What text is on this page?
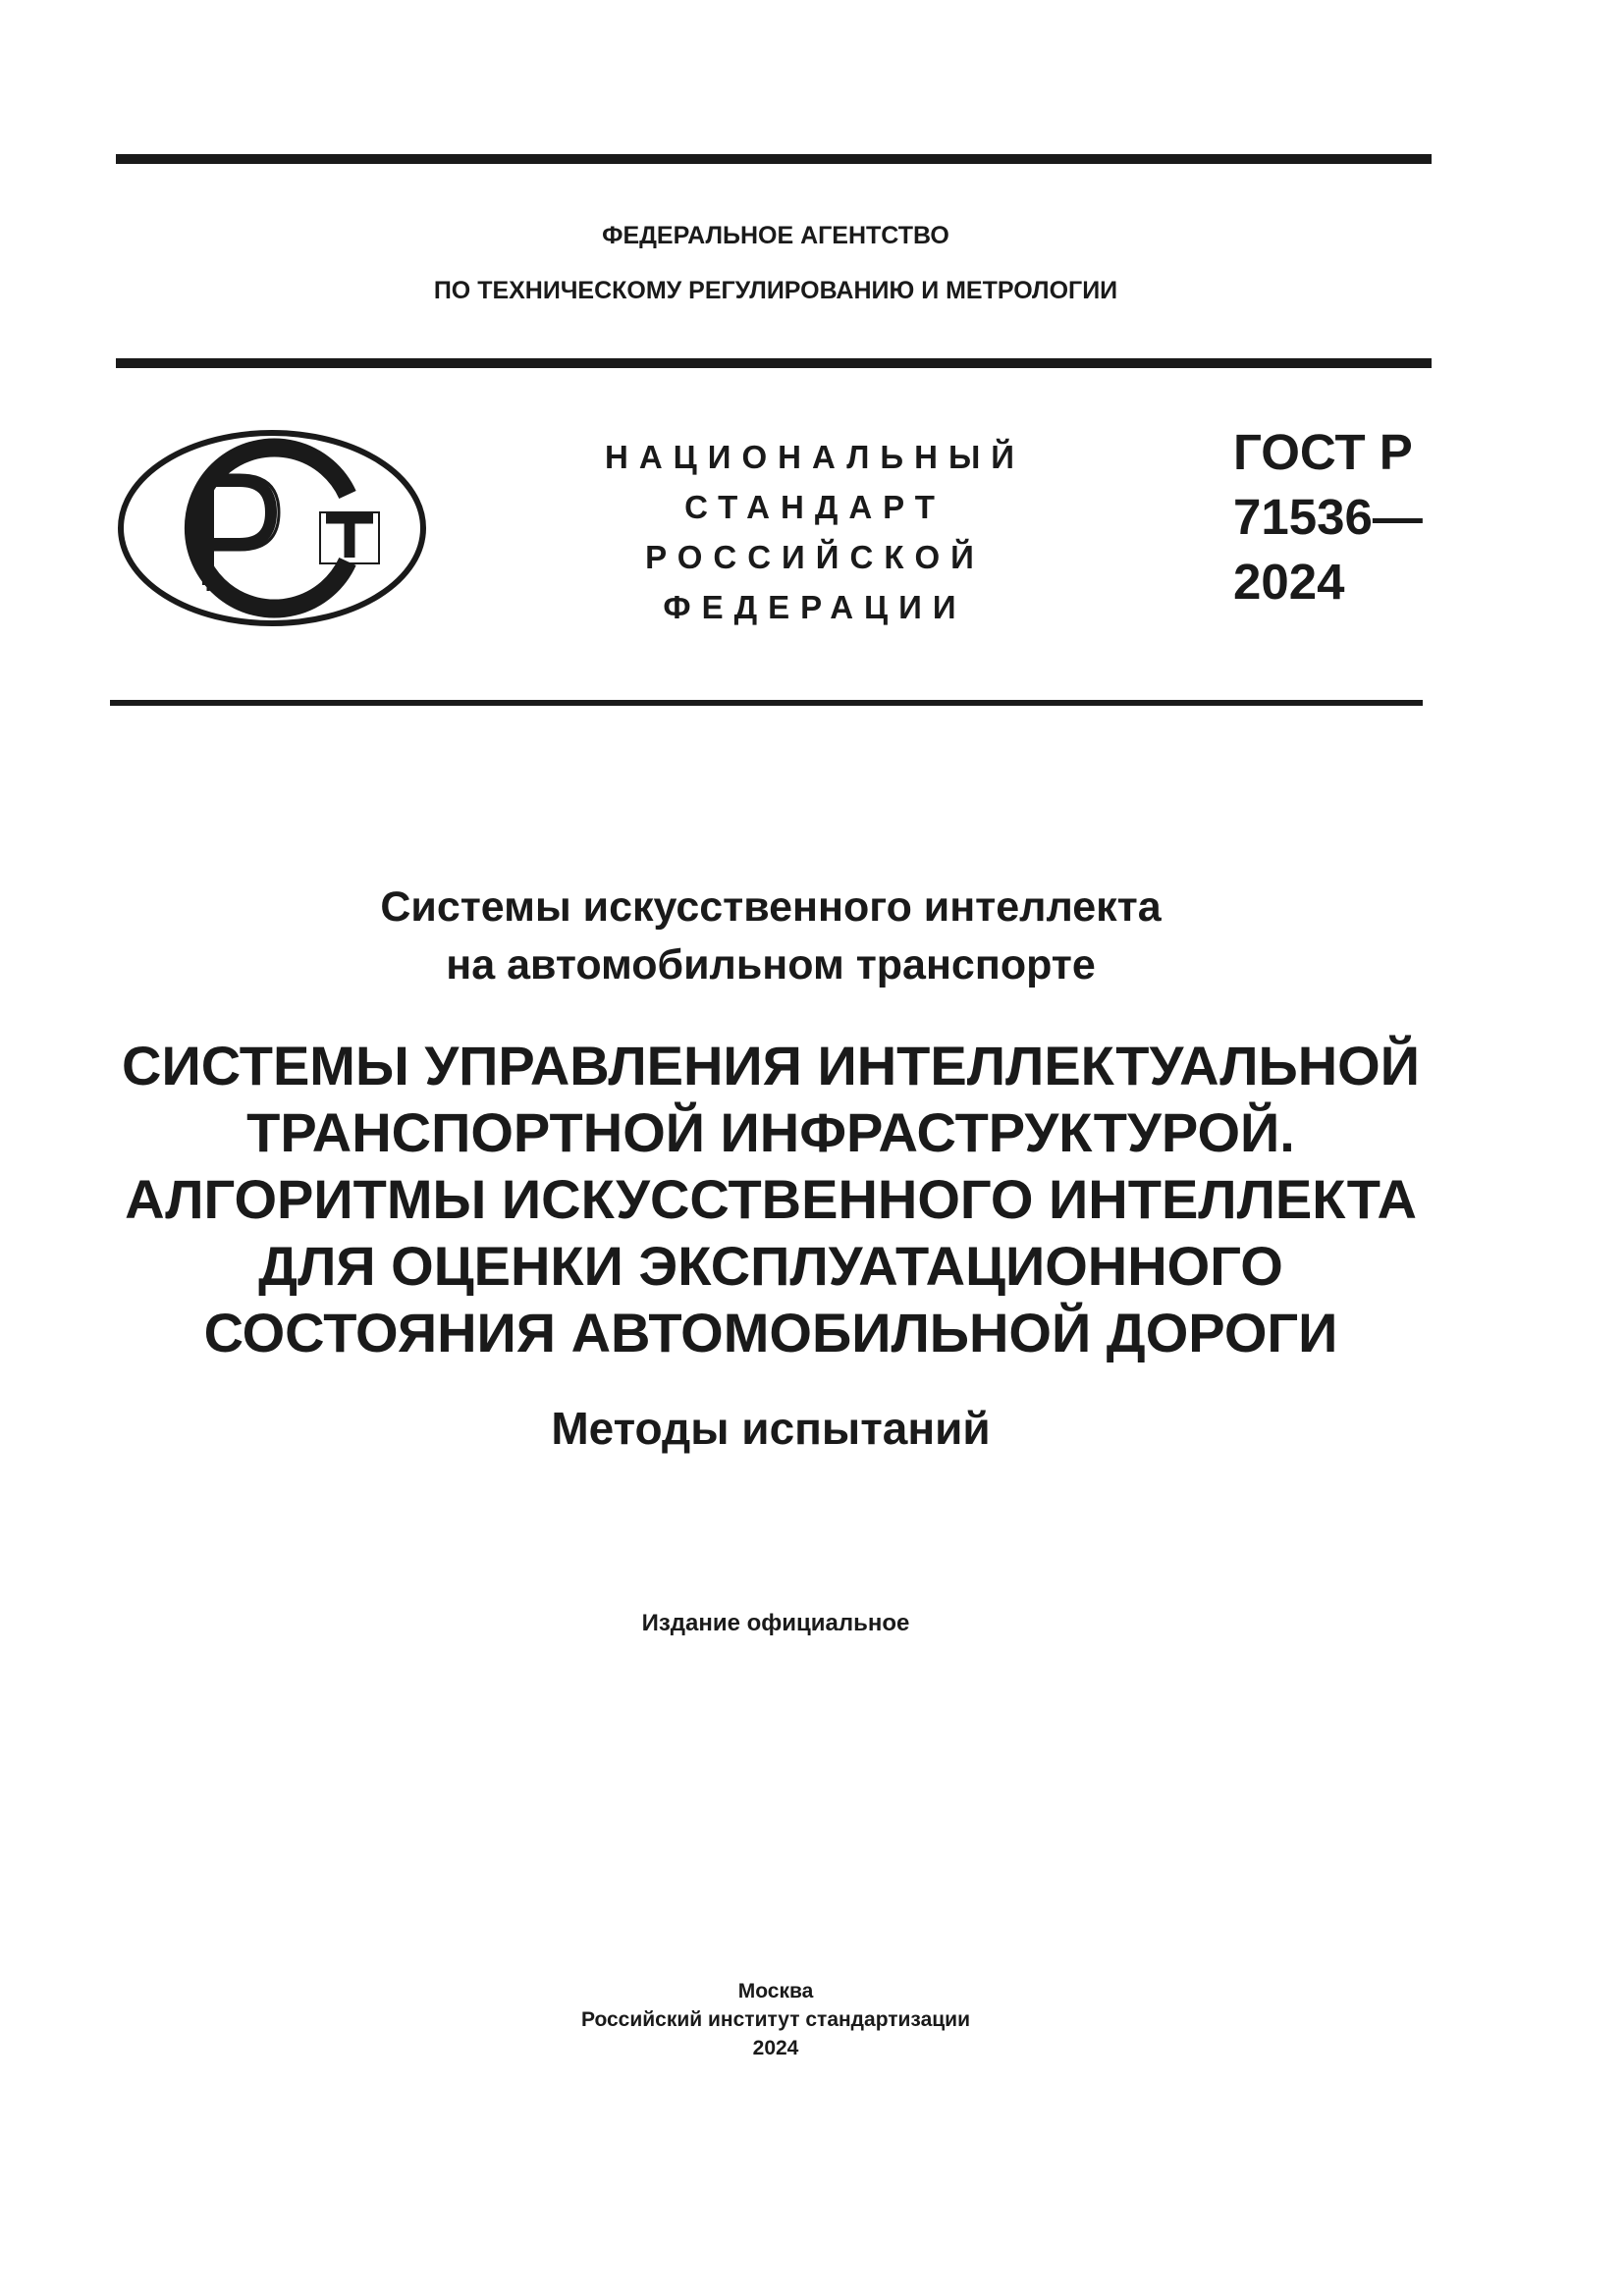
ФЕДЕРАЛЬНОЕ АГЕНТСТВО
ПО ТЕХНИЧЕСКОМУ РЕГУЛИРОВАНИЮ И МЕТРОЛОГИИ
НАЦИОНАЛЬНЫЙ
СТАНДАРТ
РОССИЙСКОЙ
ФЕДЕРАЦИИ
ГОСТ Р
71536—
2024
Системы искусственного интеллекта
на автомобильном транспорте
СИСТЕМЫ УПРАВЛЕНИЯ ИНТЕЛЛЕКТУАЛЬНОЙ
ТРАНСПОРТНОЙ ИНФРАСТРУКТУРОЙ.
АЛГОРИТМЫ ИСКУССТВЕННОГО ИНТЕЛЛЕКТА
ДЛЯ ОЦЕНКИ ЭКСПЛУАТАЦИОННОГО
СОСТОЯНИЯ АВТОМОБИЛЬНОЙ ДОРОГИ
Методы испытаний
Издание официальное
Москва
Российский институт стандартизации
2024
